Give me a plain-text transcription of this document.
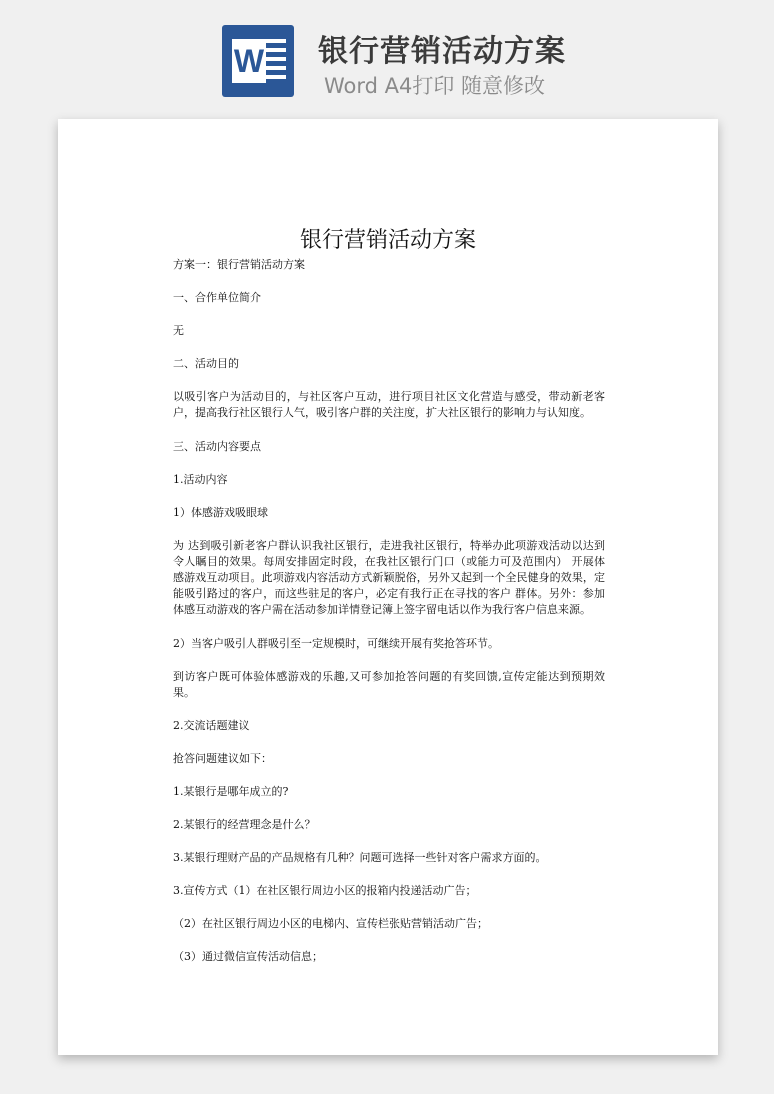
W 银行营销活动方案
Word A4打印 随意修改

银行营销活动方案

方案一：银行营销活动方案

一、合作单位简介

无

二、活动目的

以吸引客户为活动目的，与社区客户互动，进行项目社区文化营造与感受，带动新老客户，提高我行社区银行人气，吸引客户群的关注度，扩大社区银行的影响力与认知度。

三、活动内容要点

1.活动内容

1）体感游戏吸眼球

为 达到吸引新老客户群认识我社区银行，走进我社区银行，特举办此项游戏活动以达到令人瞩目的效果。每周安排固定时段，在我社区银行门口（或能力可及范围内） 开展体感游戏互动项目。此项游戏内容活动方式新颖脱俗，另外又起到一个全民健身的效果，定能吸引路过的客户，而这些驻足的客户，必定有我行正在寻找的客户 群体。另外：参加体感互动游戏的客户需在活动参加详情登记簿上签字留电话以作为我行客户信息来源。

2）当客户吸引人群吸引至一定规模时，可继续开展有奖抢答环节。

到访客户既可体验体感游戏的乐趣,又可参加抢答问题的有奖回馈,宣传定能达到预期效果。

2.交流话题建议

抢答问题建议如下：

1.某银行是哪年成立的?

2.某银行的经营理念是什么？

3.某银行理财产品的产品规格有几种？问题可选择一些针对客户需求方面的。

3.宣传方式（1）在社区银行周边小区的报箱内投递活动广告；

（2）在社区银行周边小区的电梯内、宣传栏张贴营销活动广告；

（3）通过微信宣传活动信息；
